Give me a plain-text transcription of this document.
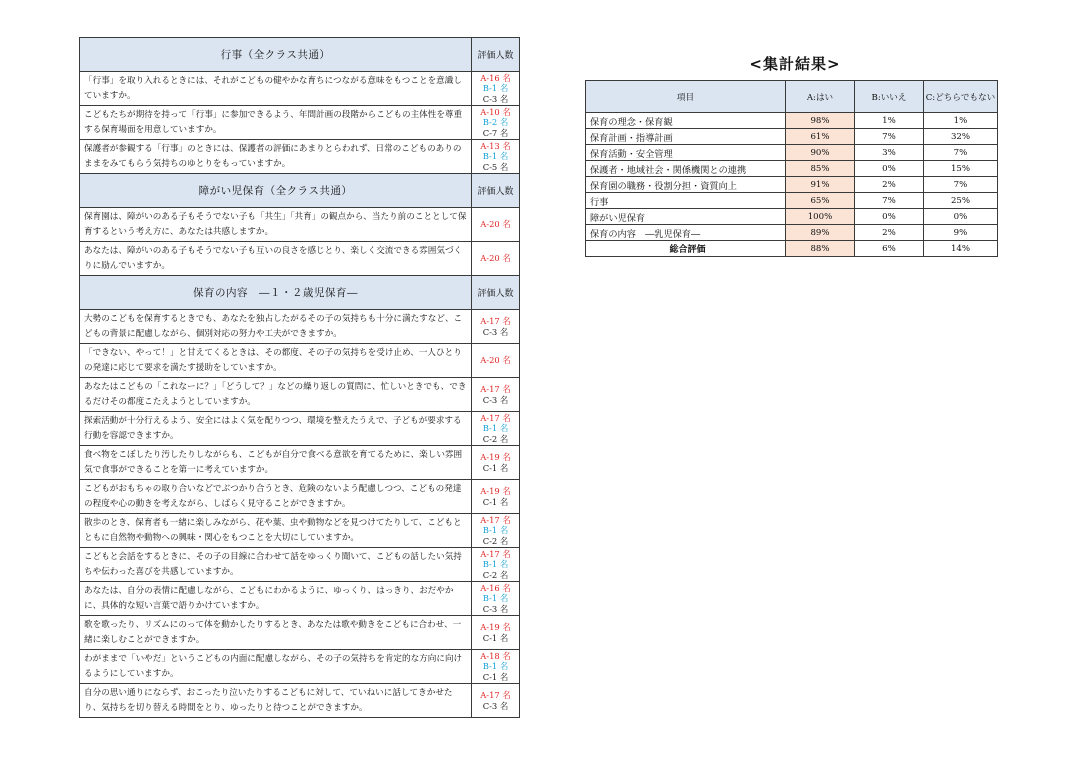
行事（全クラス共通）	評価人数
「行事」を取り入れるときには、それがこどもの健やかな育ちにつながる意味をもつことを意識していますか。	A-16 名
B-1 名
C-3 名

こどもたちが期待を持って「行事」に参加できるよう、年間計画の段階からこどもの主体性を尊重する保育場面を用意していますか。	A-10 名
B-2 名
C-7 名

保護者が参観する「行事」のときには、保護者の評価にあまりとらわれず、日常のこどものありのままをみてもらう気持ちのゆとりをもっていますか。	A-13 名
B-1 名
C-5 名

障がい児保育（全クラス共通）	評価人数
保育園は、障がいのある子もそうでない子も「共生」「共育」の観点から、当たり前のこととして保育するという考え方に、あなたは共感しますか。	A-20 名

あなたは、障がいのある子もそうでない子も互いの良さを感じとり、楽しく交流できる雰囲気づくりに励んでいますか。	A-20 名

保育の内容　―１・２歳児保育―	評価人数
大勢のこどもを保育するときでも、あなたを独占したがるその子の気持ちも十分に満たすなど、こどもの背景に配慮しながら、個別対応の努力や工夫ができますか。	A-17 名
C-3 名

「できない、やって！」と甘えてくるときは、その都度、その子の気持ちを受け止め、一人ひとりの発達に応じて要求を満たす援助をしていますか。	A-20 名

あなたはこどもの「これなーに？」「どうして？」などの繰り返しの質問に、忙しいときでも、できるだけその都度こたえようとしていますか。	A-17 名
C-3 名

探索活動が十分行えるよう、安全にはよく気を配りつつ、環境を整えたうえで、子どもが要求する行動を容認できますか。	A-17 名
B-1 名
C-2 名

食べ物をこぼしたり汚したりしながらも、こどもが自分で食べる意欲を育てるために、楽しい雰囲気で食事ができることを第一に考えていますか。	A-19 名
C-1 名

こどもがおもちゃの取り合いなどでぶつかり合うとき、危険のないよう配慮しつつ、こどもの発達の程度や心の動きを考えながら、しばらく見守ることができますか。	A-19 名
C-1 名

散歩のとき、保育者も一緒に楽しみながら、花や葉、虫や動物などを見つけてたりして、こどもとともに自然物や動物への興味・関心をもつことを大切にしていますか。	A-17 名
B-1 名
C-2 名

こどもと会話をするときに、その子の目線に合わせて話をゆっくり聞いて、こどもの話したい気持ちや伝わった喜びを共感していますか。	A-17 名
B-1 名
C-2 名

あなたは、自分の表情に配慮しながら、こどもにわかるように、ゆっくり、はっきり、おだやかに、具体的な短い言葉で語りかけていますか。	A-16 名
B-1 名
C-3 名

歌を歌ったり、リズムにのって体を動かしたりするとき、あなたは歌や動きをこどもに合わせ、一緒に楽しむことができますか。	A-19 名
C-1 名

わがままで「いやだ」というこどもの内面に配慮しながら、その子の気持ちを肯定的な方向に向けるようにしていますか。	A-18 名
B-1 名
C-1 名

自分の思い通りにならず、おこったり泣いたりするこどもに対して、ていねいに話してきかせたり、気持ちを切り替える時間をとり、ゆったりと待つことができますか。	A-17 名
C-3 名
<集計結果>
項目	A:はい	B:いいえ	C:どちらでもない
保育の理念・保育観	98%	1%	1%
保育計画・指導計画	61%	7%	32%
保育活動・安全管理	90%	3%	7%
保護者・地域社会・関係機関との連携	85%	0%	15%
保育園の職務・役割分担・資質向上	91%	2%	7%
行事	65%	7%	25%
障がい児保育	100%	0%	0%
保育の内容　―乳児保育―	89%	2%	9%
総合評価	88%	6%	14%
